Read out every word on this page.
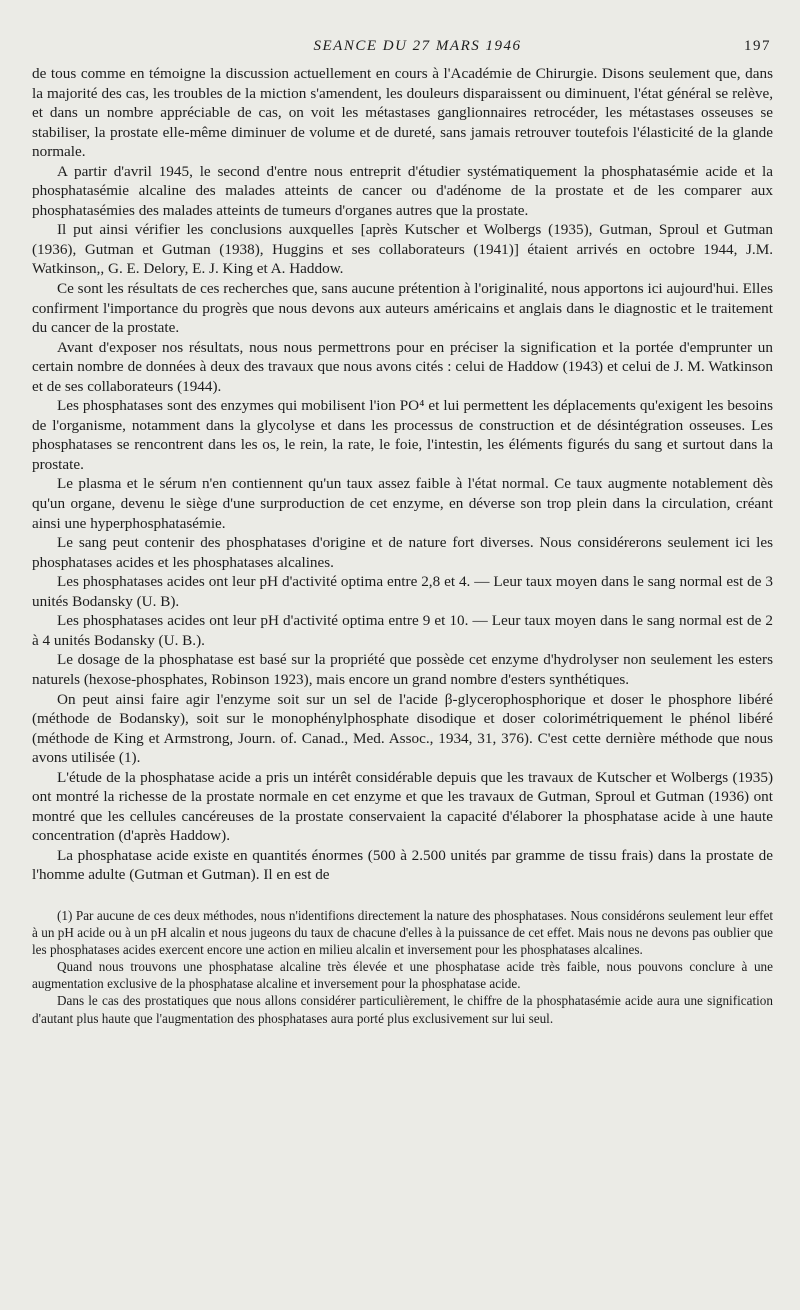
SEANCE DU 27 MARS 1946	197

de tous comme en témoigne la discussion actuellement en cours à l'Académie de Chirurgie. Disons seulement que, dans la majorité des cas, les troubles de la miction s'amendent, les douleurs disparaissent ou diminuent, l'état général se relève, et dans un nombre appréciable de cas, on voit les métastases ganglionnaires retrocéder, les métastases osseuses se stabiliser, la prostate elle-même diminuer de volume et de dureté, sans jamais retrouver toutefois l'élasticité de la glande normale.

A partir d'avril 1945, le second d'entre nous entreprit d'étudier systématiquement la phosphatasémie acide et la phosphatasémie alcaline des malades atteints de cancer ou d'adénome de la prostate et de les comparer aux phosphatasémies des malades atteints de tumeurs d'organes autres que la prostate.

Il put ainsi vérifier les conclusions auxquelles [après Kutscher et Wolbergs (1935), Gutman, Sproul et Gutman (1936), Gutman et Gutman (1938), Huggins et ses collaborateurs (1941)] étaient arrivés en octobre 1944, J.M. Watkinson,, G. E. Delory, E. J. King et A. Haddow.

Ce sont les résultats de ces recherches que, sans aucune prétention à l'originalité, nous apportons ici aujourd'hui. Elles confirment l'importance du progrès que nous devons aux auteurs américains et anglais dans le diagnostic et le traitement du cancer de la prostate.

Avant d'exposer nos résultats, nous nous permettrons pour en préciser la signification et la portée d'emprunter un certain nombre de données à deux des travaux que nous avons cités : celui de Haddow (1943) et celui de J. M. Watkinson et de ses collaborateurs (1944).

Les phosphatases sont des enzymes qui mobilisent l'ion PO⁴ et lui permettent les déplacements qu'exigent les besoins de l'organisme, notamment dans la glycolyse et dans les processus de construction et de désintégration osseuses. Les phosphatases se rencontrent dans les os, le rein, la rate, le foie, l'intestin, les éléments figurés du sang et surtout dans la prostate.

Le plasma et le sérum n'en contiennent qu'un taux assez faible à l'état normal. Ce taux augmente notablement dès qu'un organe, devenu le siège d'une surproduction de cet enzyme, en déverse son trop plein dans la circulation, créant ainsi une hyperphosphatasémie.

Le sang peut contenir des phosphatases d'origine et de nature fort diverses. Nous considérerons seulement ici les phosphatases acides et les phosphatases alcalines.

Les phosphatases acides ont leur pH d'activité optima entre 2,8 et 4. — Leur taux moyen dans le sang normal est de 3 unités Bodansky (U. B).

Les phosphatases acides ont leur pH d'activité optima entre 9 et 10. — Leur taux moyen dans le sang normal est de 2 à 4 unités Bodansky (U. B.).

Le dosage de la phosphatase est basé sur la propriété que possède cet enzyme d'hydrolyser non seulement les esters naturels (hexose-phosphates, Robinson 1923), mais encore un grand nombre d'esters synthétiques.

On peut ainsi faire agir l'enzyme soit sur un sel de l'acide β-glycerophosphorique et doser le phosphore libéré (méthode de Bodansky), soit sur le monophénylphosphate disodique et doser colorimétriquement le phénol libéré (méthode de King et Armstrong, Journ. of. Canad., Med. Assoc., 1934, 31, 376). C'est cette dernière méthode que nous avons utilisée (1).

L'étude de la phosphatase acide a pris un intérêt considérable depuis que les travaux de Kutscher et Wolbergs (1935) ont montré la richesse de la prostate normale en cet enzyme et que les travaux de Gutman, Sproul et Gutman (1936) ont montré que les cellules cancéreuses de la prostate conservaient la capacité d'élaborer la phosphatase acide à une haute concentration (d'après Haddow).

La phosphatase acide existe en quantités énormes (500 à 2.500 unités par gramme de tissu frais) dans la prostate de l'homme adulte (Gutman et Gutman). Il en est de

(1) Par aucune de ces deux méthodes, nous n'identifions directement la nature des phosphatases. Nous considérons seulement leur effet à un pH acide ou à un pH alcalin et nous jugeons du taux de chacune d'elles à la puissance de cet effet. Mais nous ne devons pas oublier que les phosphatases acides exercent encore une action en milieu alcalin et inversement pour les phosphatases alcalines.

Quand nous trouvons une phosphatase alcaline très élevée et une phosphatase acide très faible, nous pouvons conclure à une augmentation exclusive de la phosphatase alcaline et inversement pour la phosphatase acide.

Dans le cas des prostatiques que nous allons considérer particulièrement, le chiffre de la phosphatasémie acide aura une signification d'autant plus haute que l'augmentation des phosphatases aura porté plus exclusivement sur lui seul.
